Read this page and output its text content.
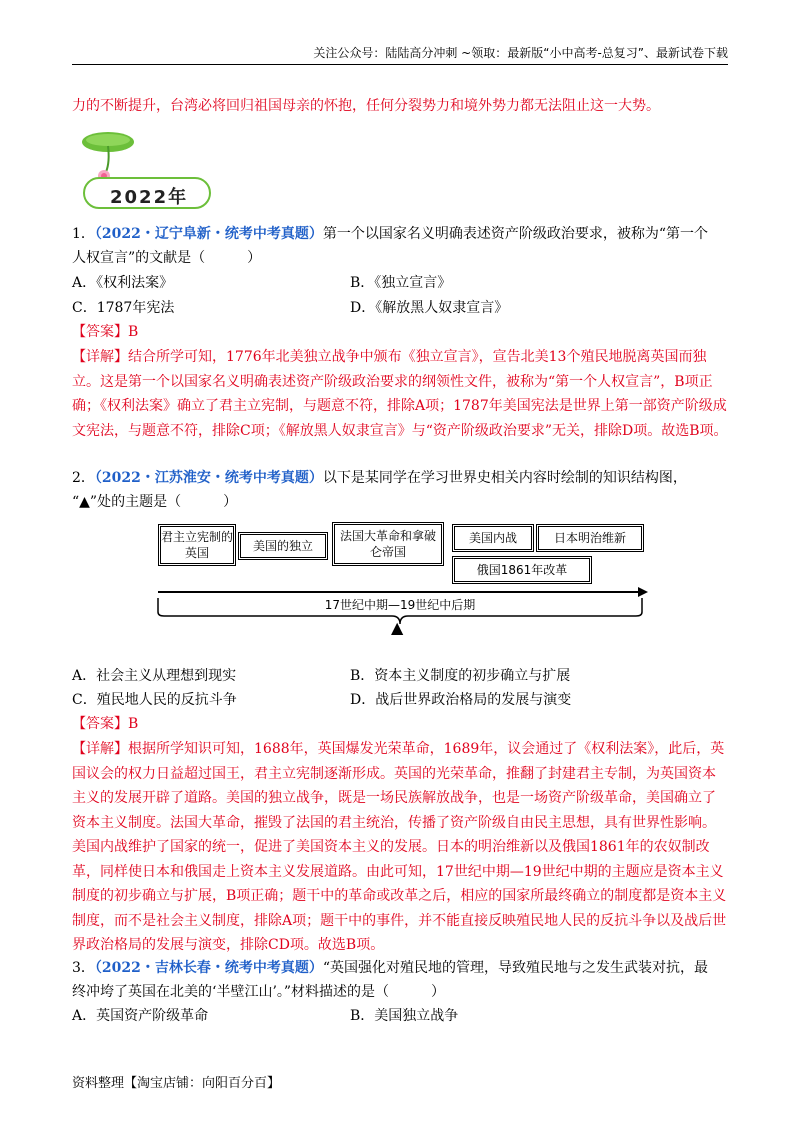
关注公众号：陆陆高分冲刺 ~领取：最新版“小中高考-总复习”、最新试卷下载
力的不断提升，台湾必将回归祖国母亲的怀抱，任何分裂势力和境外势力都无法阻止这一大势。
2022年
1．（2022・辽宁阜新・统考中考真题）第一个以国家名义明确表述资产阶级政治要求，被称为“第一个
人权宣言”的文献是（　　　）
A．《权利法案》	B．《独立宣言》
C．1787年宪法	D．《解放黑人奴隶宣言》
【答案】B
【详解】结合所学可知，1776年北美独立战争中颁布《独立宣言》，宣告北美13个殖民地脱离英国而独立。这是第一个以国家名义明确表述资产阶级政治要求的纲领性文件，被称为“第一个人权宣言”，B项正确；《权利法案》确立了君主立宪制，与题意不符，排除A项；1787年美国宪法是世界上第一部资产阶级成文宪法，与题意不符，排除C项；《解放黑人奴隶宣言》与“资产阶级政治要求”无关，排除D项。故选B项。
2．（2022・江苏淮安・统考中考真题）以下是某同学在学习世界史相关内容时绘制的知识结构图，
“▲”处的主题是（　　　）
君主立宪制的英国	美国的独立
法国大革命和拿破仑帝国
美国内战	日本明治维新
俄国1861年改革
17世纪中期—19世纪中后期
▲
A．社会主义从理想到现实	B．资本主义制度的初步确立与扩展
C．殖民地人民的反抗斗争	D．战后世界政治格局的发展与演变
【答案】B
【详解】根据所学知识可知，1688年，英国爆发光荣革命，1689年，议会通过了《权利法案》，此后，英国议会的权力日益超过国王，君主立宪制逐渐形成。英国的光荣革命，推翻了封建君主专制，为英国资本主义的发展开辟了道路。美国的独立战争，既是一场民族解放战争，也是一场资产阶级革命，美国确立了资本主义制度。法国大革命，摧毁了法国的君主统治，传播了资产阶级自由民主思想，具有世界性影响。美国内战维护了国家的统一，促进了美国资本主义的发展。日本的明治维新以及俄国1861年的农奴制改革，同样使日本和俄国走上资本主义发展道路。由此可知，17世纪中期—19世纪中期的主题应是资本主义制度的初步确立与扩展，B项正确；题干中的革命或改革之后，相应的国家所最终确立的制度都是资本主义制度，而不是社会主义制度，排除A项；题干中的事件，并不能直接反映殖民地人民的反抗斗争以及战后世界政治格局的发展与演变，排除CD项。故选B项。
3．（2022・吉林长春・统考中考真题）“英国强化对殖民地的管理，导致殖民地与之发生武装对抗，最
终冲垮了英国在北美的‘半壁江山’。”材料描述的是（　　　）
A．英国资产阶级革命	B．美国独立战争
资料整理【淘宝店铺：向阳百分百】
